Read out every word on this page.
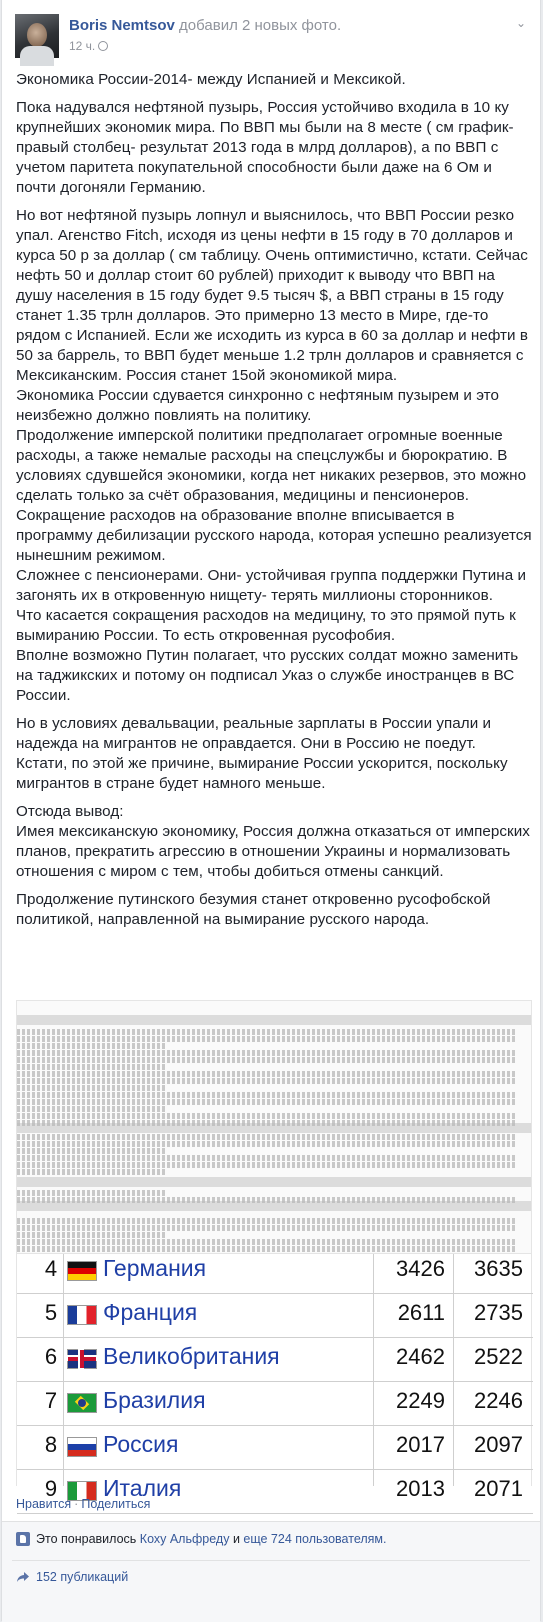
Boris Nemtsov добавил 2 новых фото.
12 ч.
⌄

Экономика России-2014- между Испанией и Мексикой.

Пока надувался нефтяной пузырь, Россия устойчиво входила в 10 ку крупнейших экономик мира. По ВВП мы были на 8 месте ( см график- правый столбец- результат 2013 года в млрд долларов), а по ВВП с учетом паритета покупательной способности были даже на 6 Ом и почти догоняли Германию.

Но вот нефтяной пузырь лопнул и выяснилось, что ВВП России резко упал. Агенство Fitch, исходя из цены нефти в 15 году в 70 долларов и курса 50 р за доллар ( см таблицу. Очень оптимистично, кстати. Сейчас нефть 50 и доллар стоит 60 рублей) приходит к выводу что ВВП на душу населения в 15 году будет 9.5 тысяч $, а ВВП страны в 15 году станет 1.35 трлн долларов. Это примерно 13 место в Мире, где-то рядом с Испанией. Если же исходить из курса в 60 за доллар и нефти в 50 за баррель, то ВВП будет меньше 1.2 трлн долларов и сравняется с Мексиканским. Россия станет 15ой экономикой мира.
Экономика России сдувается синхронно с нефтяным пузырем и это неизбежно должно повлиять на политику.
Продолжение имперской политики предполагает огромные военные расходы, а также немалые расходы на спецслужбы и бюрократию. В условиях сдувшейся экономики, когда нет никаких резервов, это можно сделать только за счёт образования, медицины и пенсионеров.
Сокращение расходов на образование вполне вписывается в программу дебилизации русского народа, которая успешно реализуется нынешним режимом.
Сложнее с пенсионерами. Они- устойчивая группа поддержки Путина и загонять их в откровенную нищету- терять миллионы сторонников.
Что касается сокращения расходов на медицину, то это прямой путь к вымиранию России. То есть откровенная русофобия.
Вполне возможно Путин полагает, что русских солдат можно заменить на таджикских и потому он подписал Указ о службе иностранцев в ВС России.

Но в условиях девальвации, реальные зарплаты в России упали и надежда на мигрантов не оправдается. Они в Россию не поедут.
Кстати, по этой же причине, вымирание России ускорится, поскольку мигрантов в стране будет намного меньше.

Отсюда вывод:
Имея мексиканскую экономику, Россия должна отказаться от имперских планов, прекратить агрессию в отношении Украины и нормализовать отношения с миром с тем, чтобы добиться отмены санкций.

Продолжение путинского безумия станет откровенно русофобской политикой, направленной на вымирание русского народа.

4 Германия	3426	3635
5 Франция	2611	2735
6 Великобритания	2462	2522
7 Бразилия	2249	2246
8 Россия	2017	2097
9 Италия	2013	2071
Нравится · Поделиться
Это понравилось Коху Альфреду и еще 724 пользователям.
152 публикаций
